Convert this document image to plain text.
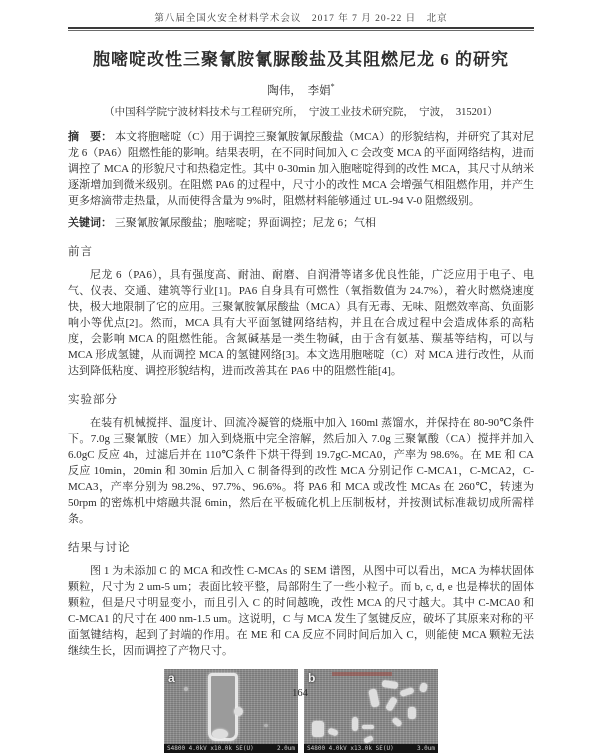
第八届全国火安全材料学术会议　2017 年 7 月 20-22 日　北京
胞嘧啶改性三聚氰胺氰脲酸盐及其阻燃尼龙 6 的研究
陶伟，　李娟*
（中国科学院宁波材料技术与工程研究所，　宁波工业技术研究院，　宁波，　315201）

摘　要： 本文将胞嘧啶（C）用于调控三聚氰胺氰尿酸盐（MCA）的形貌结构，并研究了其对尼龙 6（PA6）阻燃性能的影响。结果表明，在不同时间加入 C 会改变 MCA 的平面网络结构，进而调控了 MCA 的形貌尺寸和热稳定性。其中 0-30min 加入胞嘧啶得到的改性 MCA，其尺寸从纳米逐渐增加到微米级别。在阻燃 PA6 的过程中，尺寸小的改性 MCA 会增强气相阻燃作用，并产生更多熔滴带走热量，从而使得含量为 9%时，阻燃材料能够通过 UL-94 V-0 阻燃级别。

关键词： 三聚氰胺氰尿酸盐；胞嘧啶；界面调控；尼龙 6；气相

前言

尼龙 6（PA6），具有强度高、耐油、耐磨、自润滑等诸多优良性能，广泛应用于电子、电气、仪表、交通、建筑等行业[1]。PA6 自身具有可燃性（氧指数值为 24.7%），着火时燃烧速度快，极大地限制了它的应用。三聚氰胺氰尿酸盐（MCA）具有无毒、无味、阻燃效率高、负面影响小等优点[2]。然而，MCA 具有大平面氢键网络结构，并且在合成过程中会造成体系的高粘度，会影响 MCA 的阻燃性能。含氮碱基是一类生物碱，由于含有氨基、羰基等结构，可以与 MCA 形成氢键，从而调控 MCA 的氢键网络[3]。本文选用胞嘧啶（C）对 MCA 进行改性，从而达到降低粘度、调控形貌结构，进而改善其在 PA6 中的阻燃性能[4]。

实验部分

在装有机械搅拌、温度计、回流冷凝管的烧瓶中加入 160ml 蒸馏水，并保持在 80-90℃条件下。7.0g 三聚氰胺（ME）加入到烧瓶中完全溶解，然后加入 7.0g 三聚氰酸（CA）搅拌并加入 6.0gC 反应 4h，过滤后并在 110℃条件下烘干得到 19.7gC-MCA0，产率为 98.6%。在 ME 和 CA 反应 10min，20min 和 30min 后加入 C 制备得到的改性 MCA 分别记作 C-MCA1，C-MCA2，C-MCA3，产率分别为 98.2%、97.7%、96.6%。将 PA6 和 MCA 或改性 MCAs 在 260℃，转速为 50rpm 的密炼机中熔融共混 6min，然后在平板硫化机上压制板材，并按测试标准裁切成所需样条。

结果与讨论

图 1 为未添加 C 的 MCA 和改性 C-MCAs 的 SEM 谱图，从图中可以看出，MCA 为棒状固体颗粒，尺寸为 2 um-5 um；表面比较平整，局部附生了一些小粒子。而 b, c, d, e 也是棒状的固体颗粒，但是尺寸明显变小，而且引入 C 的时间越晚，改性 MCA 的尺寸越大。其中 C-MCA0 和 C-MCA1 的尺寸在 400 nm-1.5 um。这说明，C 与 MCA 发生了氢键反应，破坏了其原来对称的平面氢键结构，起到了封端的作用。在 ME 和 CA 反应不同时间后加入 C，则能使 MCA 颗粒无法继续生长，因而调控了产物尺寸。

a
S4800 4.0kV x10.0k SE(U)	2.0um
b
S4800 4.0kV x13.0k SE(U)	3.0um
164
